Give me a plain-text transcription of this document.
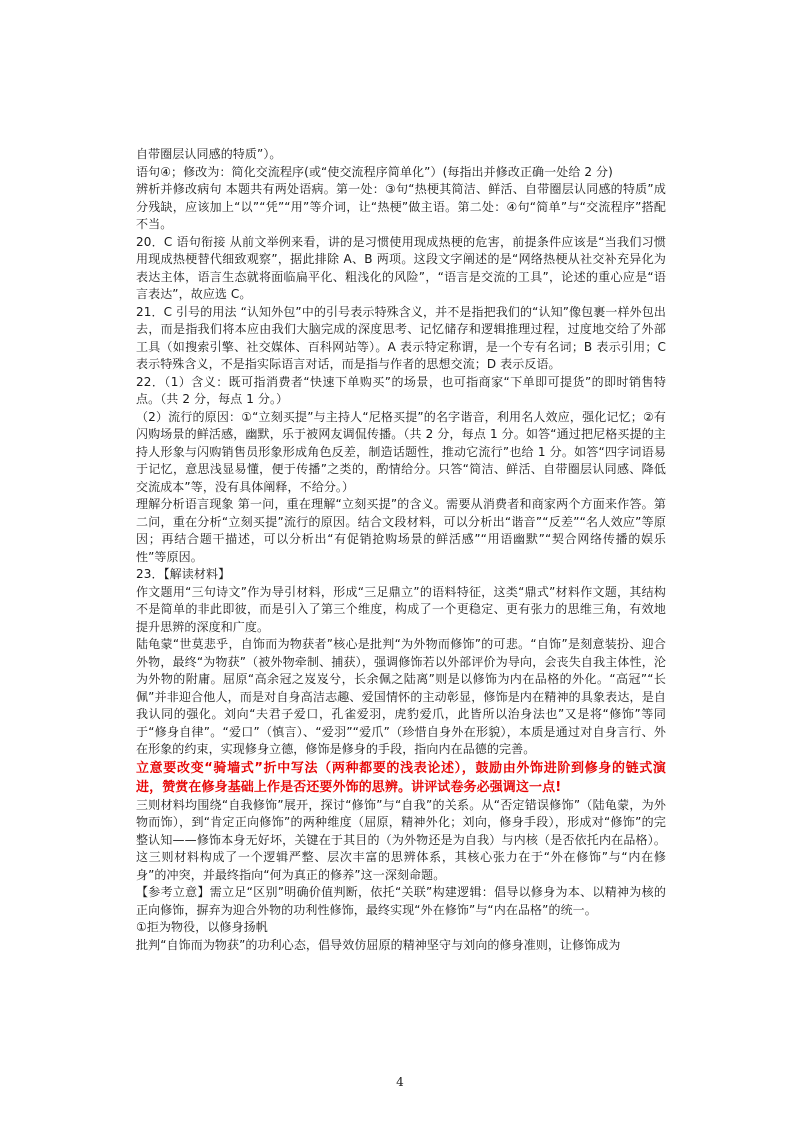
自带圈层认同感的特质”）。

语句④；修改为：简化交流程序(或“使交流程序简单化”）(每指出并修改正确一处给 2 分)

辨析并修改病句 本题共有两处语病。第一处：③句“热梗其简洁、鲜活、自带圈层认同感的特质”成分残缺，应该加上“以”“凭”“用”等介词，让“热梗”做主语。第二处：④句“简单”与“交流程序”搭配不当。

20．C 语句衔接 从前文举例来看，讲的是习惯使用现成热梗的危害，前提条件应该是“当我们习惯用现成热梗替代细致观察”，据此排除 A、B 两项。这段文字阐述的是“网络热梗从社交补充异化为表达主体，语言生态就将面临扁平化、粗浅化的风险”，“语言是交流的工具”，论述的重心应是“语言表达”，故应选 C。

21．C 引号的用法 “认知外包”中的引号表示特殊含义，并不是指把我们的“认知”像包裹一样外包出去，而是指我们将本应由我们大脑完成的深度思考、记忆储存和逻辑推理过程，过度地交给了外部工具（如搜索引擎、社交媒体、百科网站等）。A 表示特定称谓，是一个专有名词；B 表示引用；C 表示特殊含义，不是指实际语言对话，而是指与作者的思想交流；D 表示反语。

22．（1）含义：既可指消费者“快速下单购买”的场景，也可指商家“下单即可提货”的即时销售特点。（共 2 分，每点 1 分。）

（2）流行的原因：①“立刻买提”与主持人“尼格买提”的名字谐音，利用名人效应，强化记忆；②有闪购场景的鲜活感，幽默，乐于被网友调侃传播。（共 2 分，每点 1 分。如答“通过把尼格买提的主持人形象与闪购销售员形象形成角色反差，制造话题性，推动它流行”也给 1 分。如答“四字词语易于记忆，意思浅显易懂，便于传播”之类的，酌情给分。只答“简洁、鲜活、自带圈层认同感、降低交流成本”等，没有具体阐释，不给分。）

理解分析语言现象 第一问，重在理解“立刻买提”的含义。需要从消费者和商家两个方面来作答。第二问，重在分析“立刻买提”流行的原因。结合文段材料，可以分析出“谐音”“反差”“名人效应”等原因；再结合题干描述，可以分析出“有促销抢购场景的鲜活感”“用语幽默”“契合网络传播的娱乐性”等原因。

23．【解读材料】

作文题用“三句诗文”作为导引材料，形成“三足鼎立”的语料特征，这类“鼎式”材料作文题，其结构不是简单的非此即彼，而是引入了第三个维度，构成了一个更稳定、更有张力的思维三角，有效地提升思辨的深度和广度。

陆龟蒙“世莫悲乎，自饰而为物获者”核心是批判“为外物而修饰”的可悲。“自饰”是刻意装扮、迎合外物，最终“为物获”（被外物牵制、捕获），强调修饰若以外部评价为导向，会丧失自我主体性，沦为外物的附庸。屈原“高余冠之岌岌兮，长余佩之陆离”则是以修饰为内在品格的外化。“高冠”“长佩”并非迎合他人，而是对自身高洁志趣、爱国情怀的主动彰显，修饰是内在精神的具象表达，是自我认同的强化。刘向“夫君子爱口，孔雀爱羽，虎豹爱爪，此皆所以治身法也”又是将“修饰”等同于“修身自律”。“爱口”（慎言）、“爱羽”“爱爪”（珍惜自身外在形貌），本质是通过对自身言行、外在形象的约束，实现修身立德，修饰是修身的手段，指向内在品德的完善。

立意要改变“骑墙式”折中写法（两种都要的浅表论述），鼓励由外饰进阶到修身的链式演进，赞赏在修身基础上作是否还要外饰的思辨。讲评试卷务必强调这一点!

三则材料均围绕“自我修饰”展开，探讨“修饰”与“自我”的关系。从“否定错误修饰”（陆龟蒙，为外物而饰），到“肯定正向修饰”的两种维度（屈原，精神外化；刘向，修身手段），形成对“修饰”的完整认知——修饰本身无好坏，关键在于其目的（为外物还是为自我）与内核（是否依托内在品格）。这三则材料构成了一个逻辑严整、层次丰富的思辨体系，其核心张力在于“外在修饰”与“内在修身”的冲突，并最终指向“何为真正的修养”这一深刻命题。

【参考立意】需立足“区别”明确价值判断，依托“关联”构建逻辑：倡导以修身为本、以精神为核的正向修饰，摒弃为迎合外物的功利性修饰，最终实现“外在修饰”与“内在品格”的统一。

①拒为物役，以修身扬帆

批判“自饰而为物获”的功利心态，倡导效仿屈原的精神坚守与刘向的修身准则，让修饰成为

4
